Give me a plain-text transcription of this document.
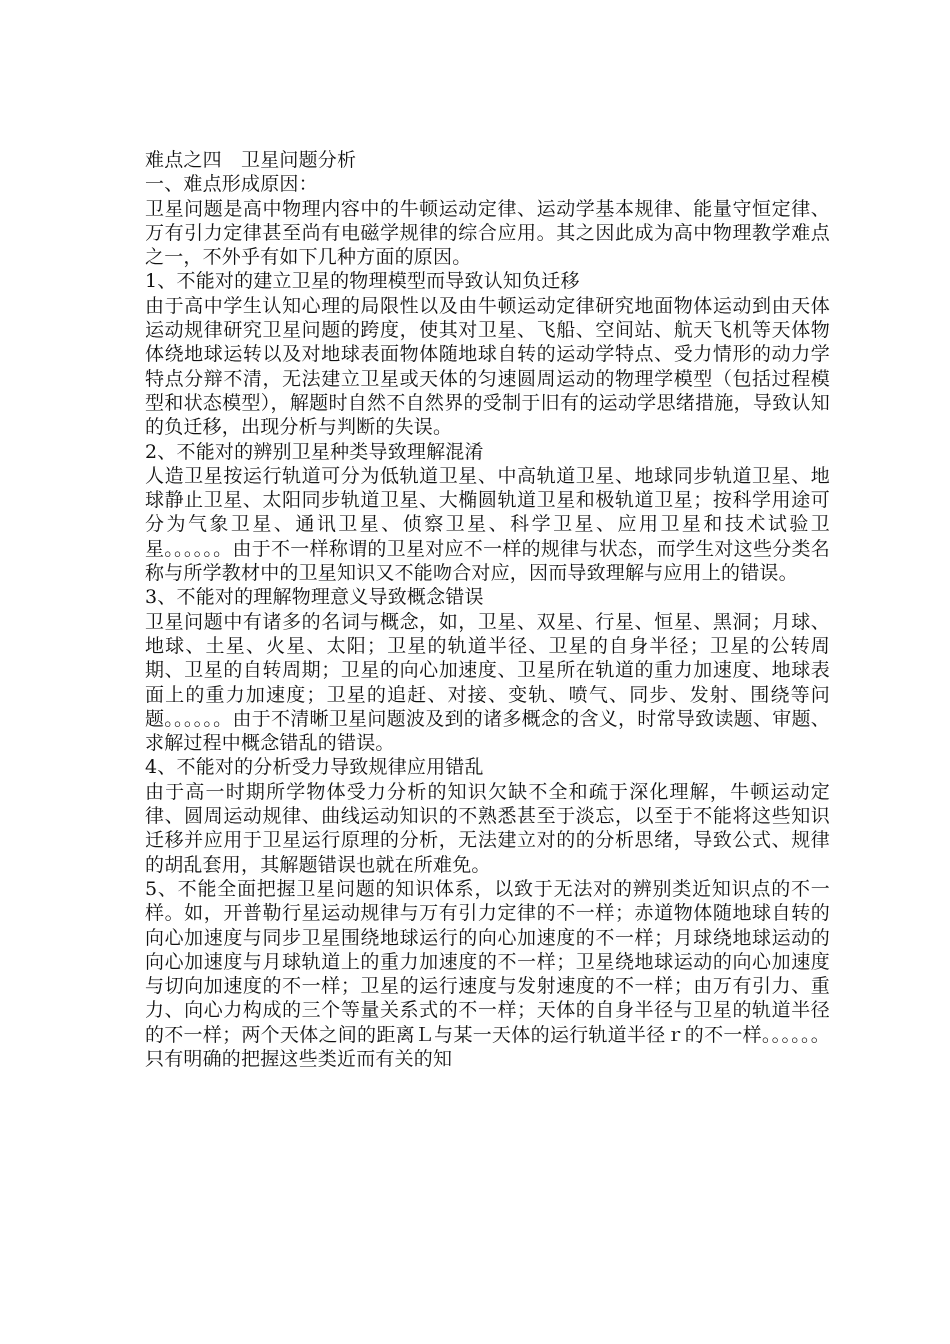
难点之四　卫星问题分析

一、难点形成原因：

卫星问题是高中物理内容中的牛顿运动定律、运动学基本规律、能量守恒定律、万有引力定律甚至尚有电磁学规律的综合应用。其之因此成为高中物理教学难点之一，不外乎有如下几种方面的原因。

1、不能对的建立卫星的物理模型而导致认知负迁移

由于高中学生认知心理的局限性以及由牛顿运动定律研究地面物体运动到由天体运动规律研究卫星问题的跨度，使其对卫星、飞船、空间站、航天飞机等天体物体绕地球运转以及对地球表面物体随地球自转的运动学特点、受力情形的动力学特点分辩不清，无法建立卫星或天体的匀速圆周运动的物理学模型（包括过程模型和状态模型），解题时自然不自然界的受制于旧有的运动学思绪措施，导致认知的负迁移，出现分析与判断的失误。

2、不能对的辨别卫星种类导致理解混淆

人造卫星按运行轨道可分为低轨道卫星、中高轨道卫星、地球同步轨道卫星、地球静止卫星、太阳同步轨道卫星、大椭圆轨道卫星和极轨道卫星；按科学用途可分为气象卫星、通讯卫星、侦察卫星、科学卫星、应用卫星和技术试验卫星。。。。。。由于不一样称谓的卫星对应不一样的规律与状态，而学生对这些分类名称与所学教材中的卫星知识又不能吻合对应，因而导致理解与应用上的错误。

3、不能对的理解物理意义导致概念错误

卫星问题中有诸多的名词与概念，如，卫星、双星、行星、恒星、黑洞；月球、地球、土星、火星、太阳；卫星的轨道半径、卫星的自身半径；卫星的公转周期、卫星的自转周期；卫星的向心加速度、卫星所在轨道的重力加速度、地球表面上的重力加速度；卫星的追赶、对接、变轨、喷气、同步、发射、围绕等问题。。。。。。由于不清晰卫星问题波及到的诸多概念的含义，时常导致读题、审题、求解过程中概念错乱的错误。

4、不能对的分析受力导致规律应用错乱

由于高一时期所学物体受力分析的知识欠缺不全和疏于深化理解，牛顿运动定律、圆周运动规律、曲线运动知识的不熟悉甚至于淡忘，以至于不能将这些知识迁移并应用于卫星运行原理的分析，无法建立对的的分析思绪，导致公式、规律的胡乱套用，其解题错误也就在所难免。

5、不能全面把握卫星问题的知识体系，以致于无法对的辨别类近知识点的不一样。如，开普勒行星运动规律与万有引力定律的不一样；赤道物体随地球自转的向心加速度与同步卫星围绕地球运行的向心加速度的不一样；月球绕地球运动的向心加速度与月球轨道上的重力加速度的不一样；卫星绕地球运动的向心加速度与切向加速度的不一样；卫星的运行速度与发射速度的不一样；由万有引力、重力、向心力构成的三个等量关系式的不一样；天体的自身半径与卫星的轨道半径的不一样；两个天体之间的距离Ｌ与某一天体的运行轨道半径ｒ的不一样。。。。。。只有明确的把握这些类近而有关的知
